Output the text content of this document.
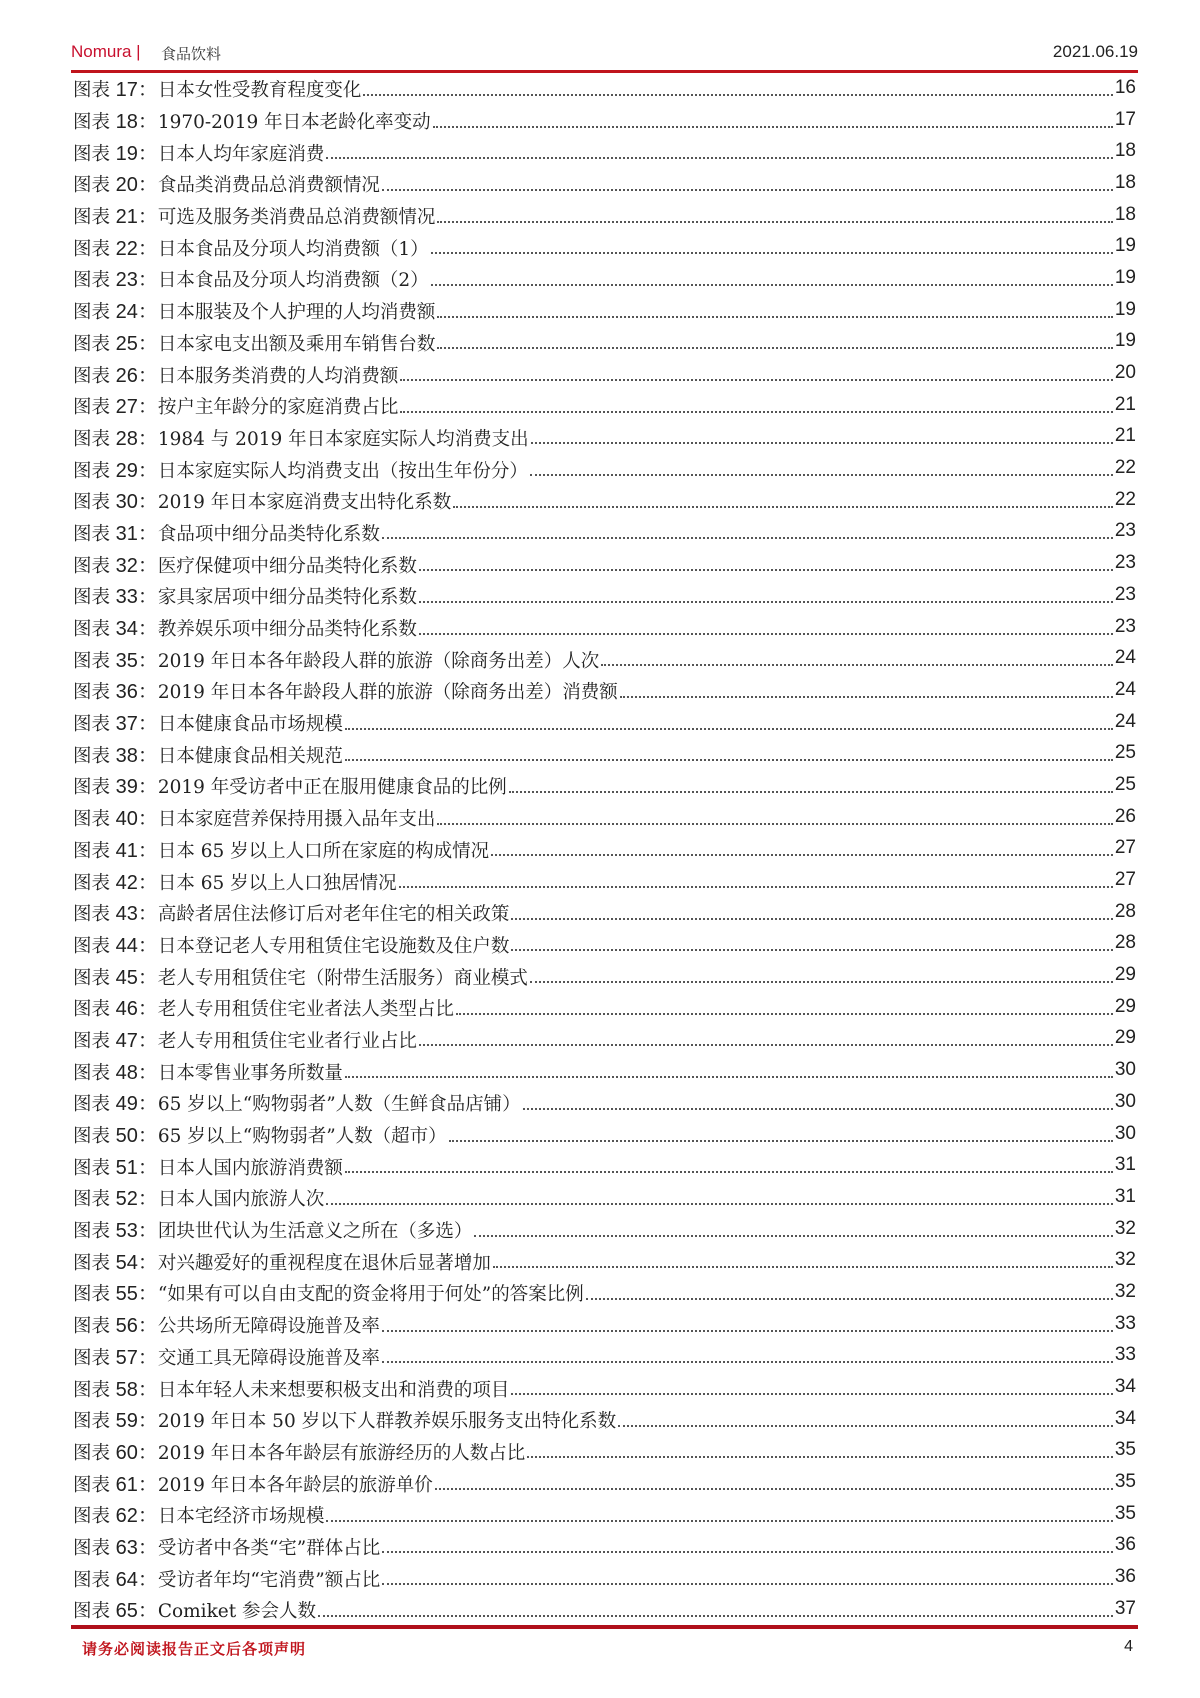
Nomura | 食品饮料	2021.06.19
图表 17：日本女性受教育程度变化	16
图表 18：1970-2019 年日本老龄化率变动	17
图表 19：日本人均年家庭消费	18
图表 20：食品类消费品总消费额情况	18
图表 21：可选及服务类消费品总消费额情况	18
图表 22：日本食品及分项人均消费额（1）	19
图表 23：日本食品及分项人均消费额（2）	19
图表 24：日本服装及个人护理的人均消费额	19
图表 25：日本家电支出额及乘用车销售台数	19
图表 26：日本服务类消费的人均消费额	20
图表 27：按户主年龄分的家庭消费占比	21
图表 28：1984 与 2019 年日本家庭实际人均消费支出	21
图表 29：日本家庭实际人均消费支出（按出生年份分）	22
图表 30：2019 年日本家庭消费支出特化系数	22
图表 31：食品项中细分品类特化系数	23
图表 32：医疗保健项中细分品类特化系数	23
图表 33：家具家居项中细分品类特化系数	23
图表 34：教养娱乐项中细分品类特化系数	23
图表 35：2019 年日本各年龄段人群的旅游（除商务出差）人次	24
图表 36：2019 年日本各年龄段人群的旅游（除商务出差）消费额	24
图表 37：日本健康食品市场规模	24
图表 38：日本健康食品相关规范	25
图表 39：2019 年受访者中正在服用健康食品的比例	25
图表 40：日本家庭营养保持用摄入品年支出	26
图表 41：日本 65 岁以上人口所在家庭的构成情况	27
图表 42：日本 65 岁以上人口独居情况	27
图表 43：高龄者居住法修订后对老年住宅的相关政策	28
图表 44：日本登记老人专用租赁住宅设施数及住户数	28
图表 45：老人专用租赁住宅（附带生活服务）商业模式	29
图表 46：老人专用租赁住宅业者法人类型占比	29
图表 47：老人专用租赁住宅业者行业占比	29
图表 48：日本零售业事务所数量	30
图表 49：65 岁以上“购物弱者”人数（生鲜食品店铺）	30
图表 50：65 岁以上“购物弱者”人数（超市）	30
图表 51：日本人国内旅游消费额	31
图表 52：日本人国内旅游人次	31
图表 53：团块世代认为生活意义之所在（多选）	32
图表 54：对兴趣爱好的重视程度在退休后显著增加	32
图表 55：“如果有可以自由支配的资金将用于何处”的答案比例	32
图表 56：公共场所无障碍设施普及率	33
图表 57：交通工具无障碍设施普及率	33
图表 58：日本年轻人未来想要积极支出和消费的项目	34
图表 59：2019 年日本 50 岁以下人群教养娱乐服务支出特化系数	34
图表 60：2019 年日本各年龄层有旅游经历的人数占比	35
图表 61：2019 年日本各年龄层的旅游单价	35
图表 62：日本宅经济市场规模	35
图表 63：受访者中各类“宅”群体占比	36
图表 64：受访者年均“宅消费”额占比	36
图表 65：Comiket 参会人数	37
请务必阅读报告正文后各项声明	4
